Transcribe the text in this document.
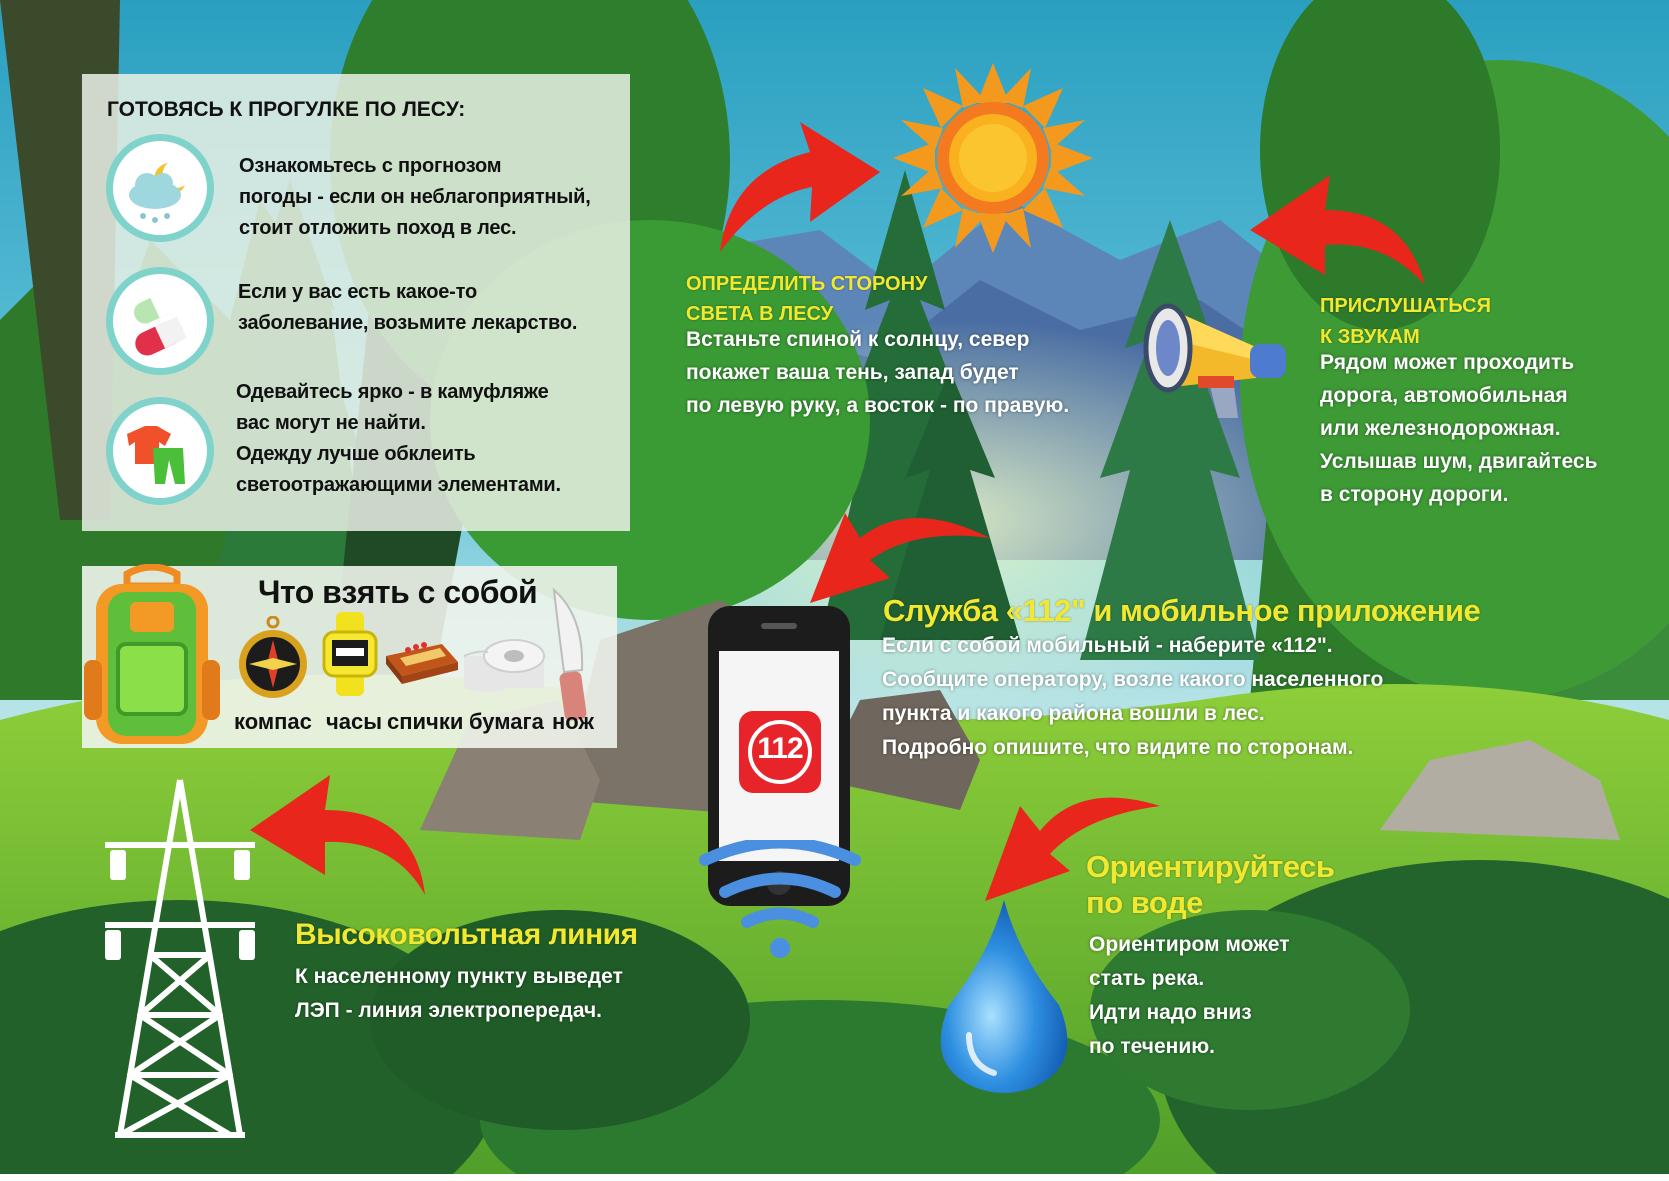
112
ГОТОВЯСЬ К ПРОГУЛКЕ ПО ЛЕСУ:
Ознакомьтесь с прогнозом
погоды - если он неблагоприятный,
стоит отложить поход в лес.
Если у вас есть какое-то
заболевание, возьмите лекарство.
Одевайтесь ярко - в камуфляже
вас могут не найти.
Одежду лучше обклеить
светоотражающими элементами.
Что взять с собой
компас часы спички бумага нож
ОПРЕДЕЛИТЬ СТОРОНУ
СВЕТА В ЛЕСУ
Встаньте спиной к солнцу, север
покажет ваша тень, запад будет
по левую руку, а восток - по правую.
ПРИСЛУШАТЬСЯ
К ЗВУКАМ
Рядом может проходить
дорога, автомобильная
или железнодорожная.
Услышав шум, двигайтесь
в сторону дороги.
Служба «112" и мобильное приложение
Если с собой мобильный - наберите «112".
Сообщите оператору, возле какого населенного
пункта и какого района вошли в лес.
Подробно опишите, что видите по сторонам.
Высоковольтная линия
К населенному пункту выведет
ЛЭП - линия электропередач.
Ориентируйтесь
по воде
Ориентиром может
стать река.
Идти надо вниз
по течению.
